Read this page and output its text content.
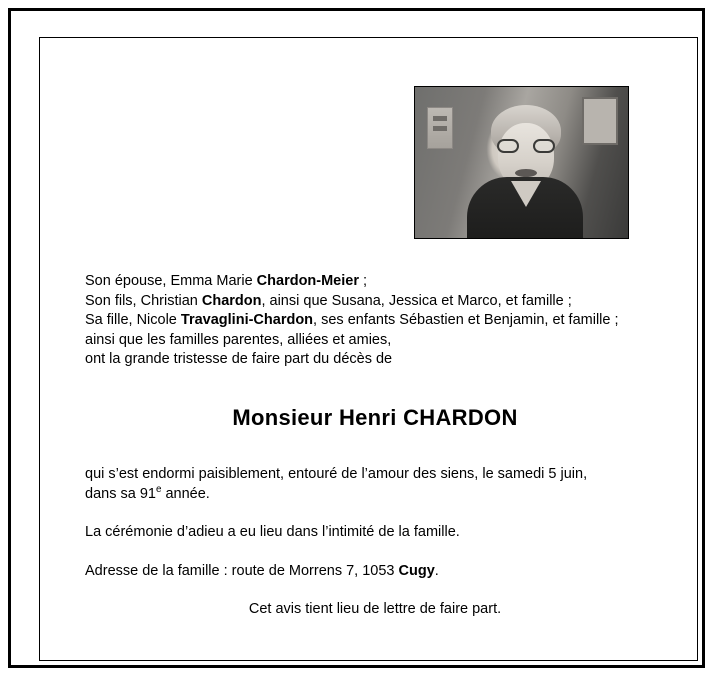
Son épouse, Emma Marie Chardon-Meier ;

Son fils, Christian Chardon, ainsi que Susana, Jessica et Marco, et famille ;

Sa fille, Nicole Travaglini-Chardon, ses enfants Sébastien et Benjamin, et famille ;

ainsi que les familles parentes, alliées et amies,

ont la grande tristesse de faire part du décès de

Monsieur Henri CHARDON

qui s’est endormi paisiblement, entouré de l’amour des siens, le samedi 5 juin,

dans sa 91e année.

La cérémonie d’adieu a eu lieu dans l’intimité de la famille.

Adresse de la famille : route de Morrens 7, 1053 Cugy.

Cet avis tient lieu de lettre de faire part.
